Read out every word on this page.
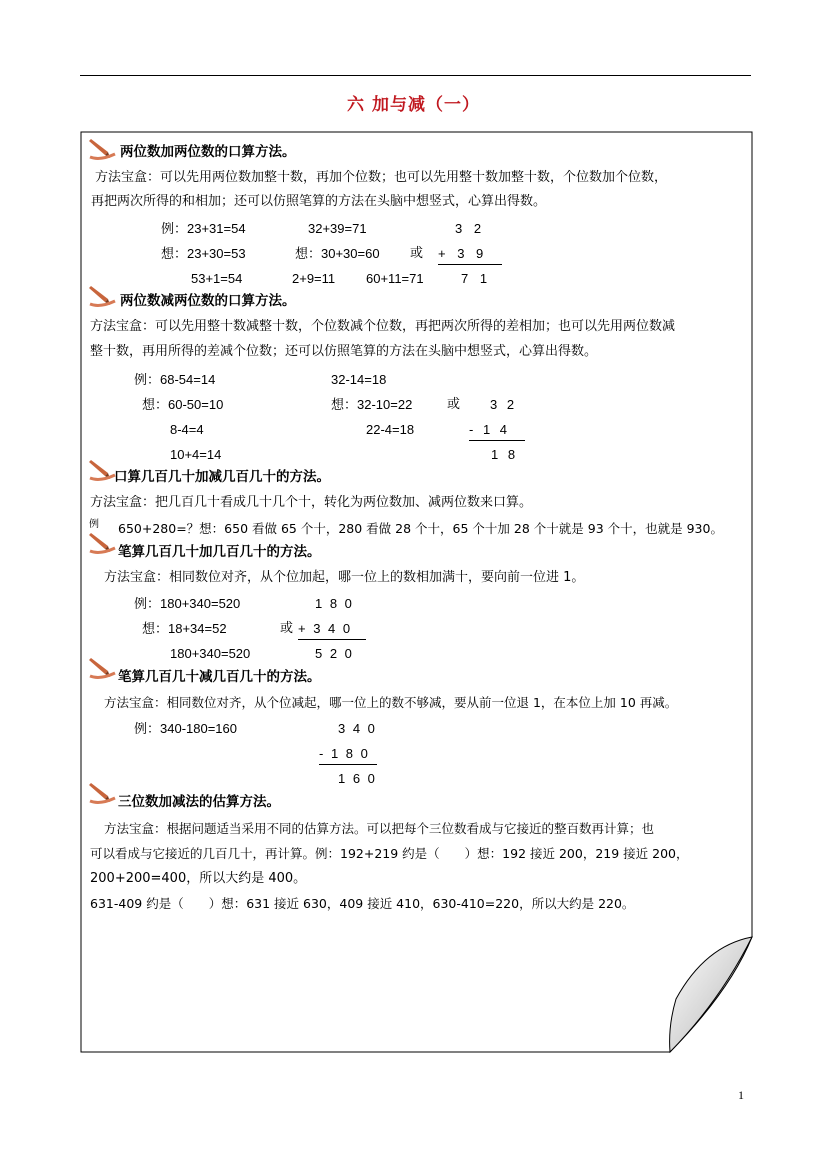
六 加与减（一）
两位数加两位数的口算方法。
方法宝盒：可以先用两位数加整十数，再加个位数；也可以先用整十数加整十数，个位数加个位数，
再把两次所得的和相加；还可以仿照笔算的方法在头脑中想竖式，心算出得数。
例：23+31=54	32+39=71	3 2
想：23+30=53	想：30+30=60 或 + 3 9
53+1=54	2+9=11 60+11=71	7 1
两位数减两位数的口算方法。
方法宝盒：可以先用整十数减整十数，个位数减个位数，再把两次所得的差相加；也可以先用两位数减
整十数，再用所得的差减个位数；还可以仿照笔算的方法在头脑中想竖式，心算出得数。
例：68-54=14	32-14=18
想：60-50=10	想：32-10=22	或 3 2
8-4=4	22-4=18	- 1 4
10+4=14	1 8
口算几百几十加减几百几十的方法。
方法宝盒：把几百几十看成几十几个十，转化为两位数加、减两位数来口算。
例 650+280=？想：650 看做 65 个十，280 看做 28 个十，65 个十加 28 个十就是 93 个十，也就是 930。
笔算几百几十加几百几十的方法。
方法宝盒：相同数位对齐，从个位加起，哪一位上的数相加满十，要向前一位进 1。
例：180+340=520	1 8 0
想：18+34=52	或 + 3 4 0
180+340=520	5 2 0
笔算几百几十减几百几十的方法。
方法宝盒：相同数位对齐，从个位减起，哪一位上的数不够减，要从前一位退 1，在本位上加 10 再减。
例：340-180=160	3 4 0
- 1 8 0
1 6 0
三位数加减法的估算方法。
方法宝盒：根据问题适当采用不同的估算方法。可以把每个三位数看成与它接近的整百数再计算；也
可以看成与它接近的几百几十，再计算。例：192+219 约是（　　）想：192 接近 200，219 接近 200，
200+200=400，所以大约是 400。
631-409 约是（　　）想：631 接近 630，409 接近 410，630-410=220，所以大约是 220。
1
